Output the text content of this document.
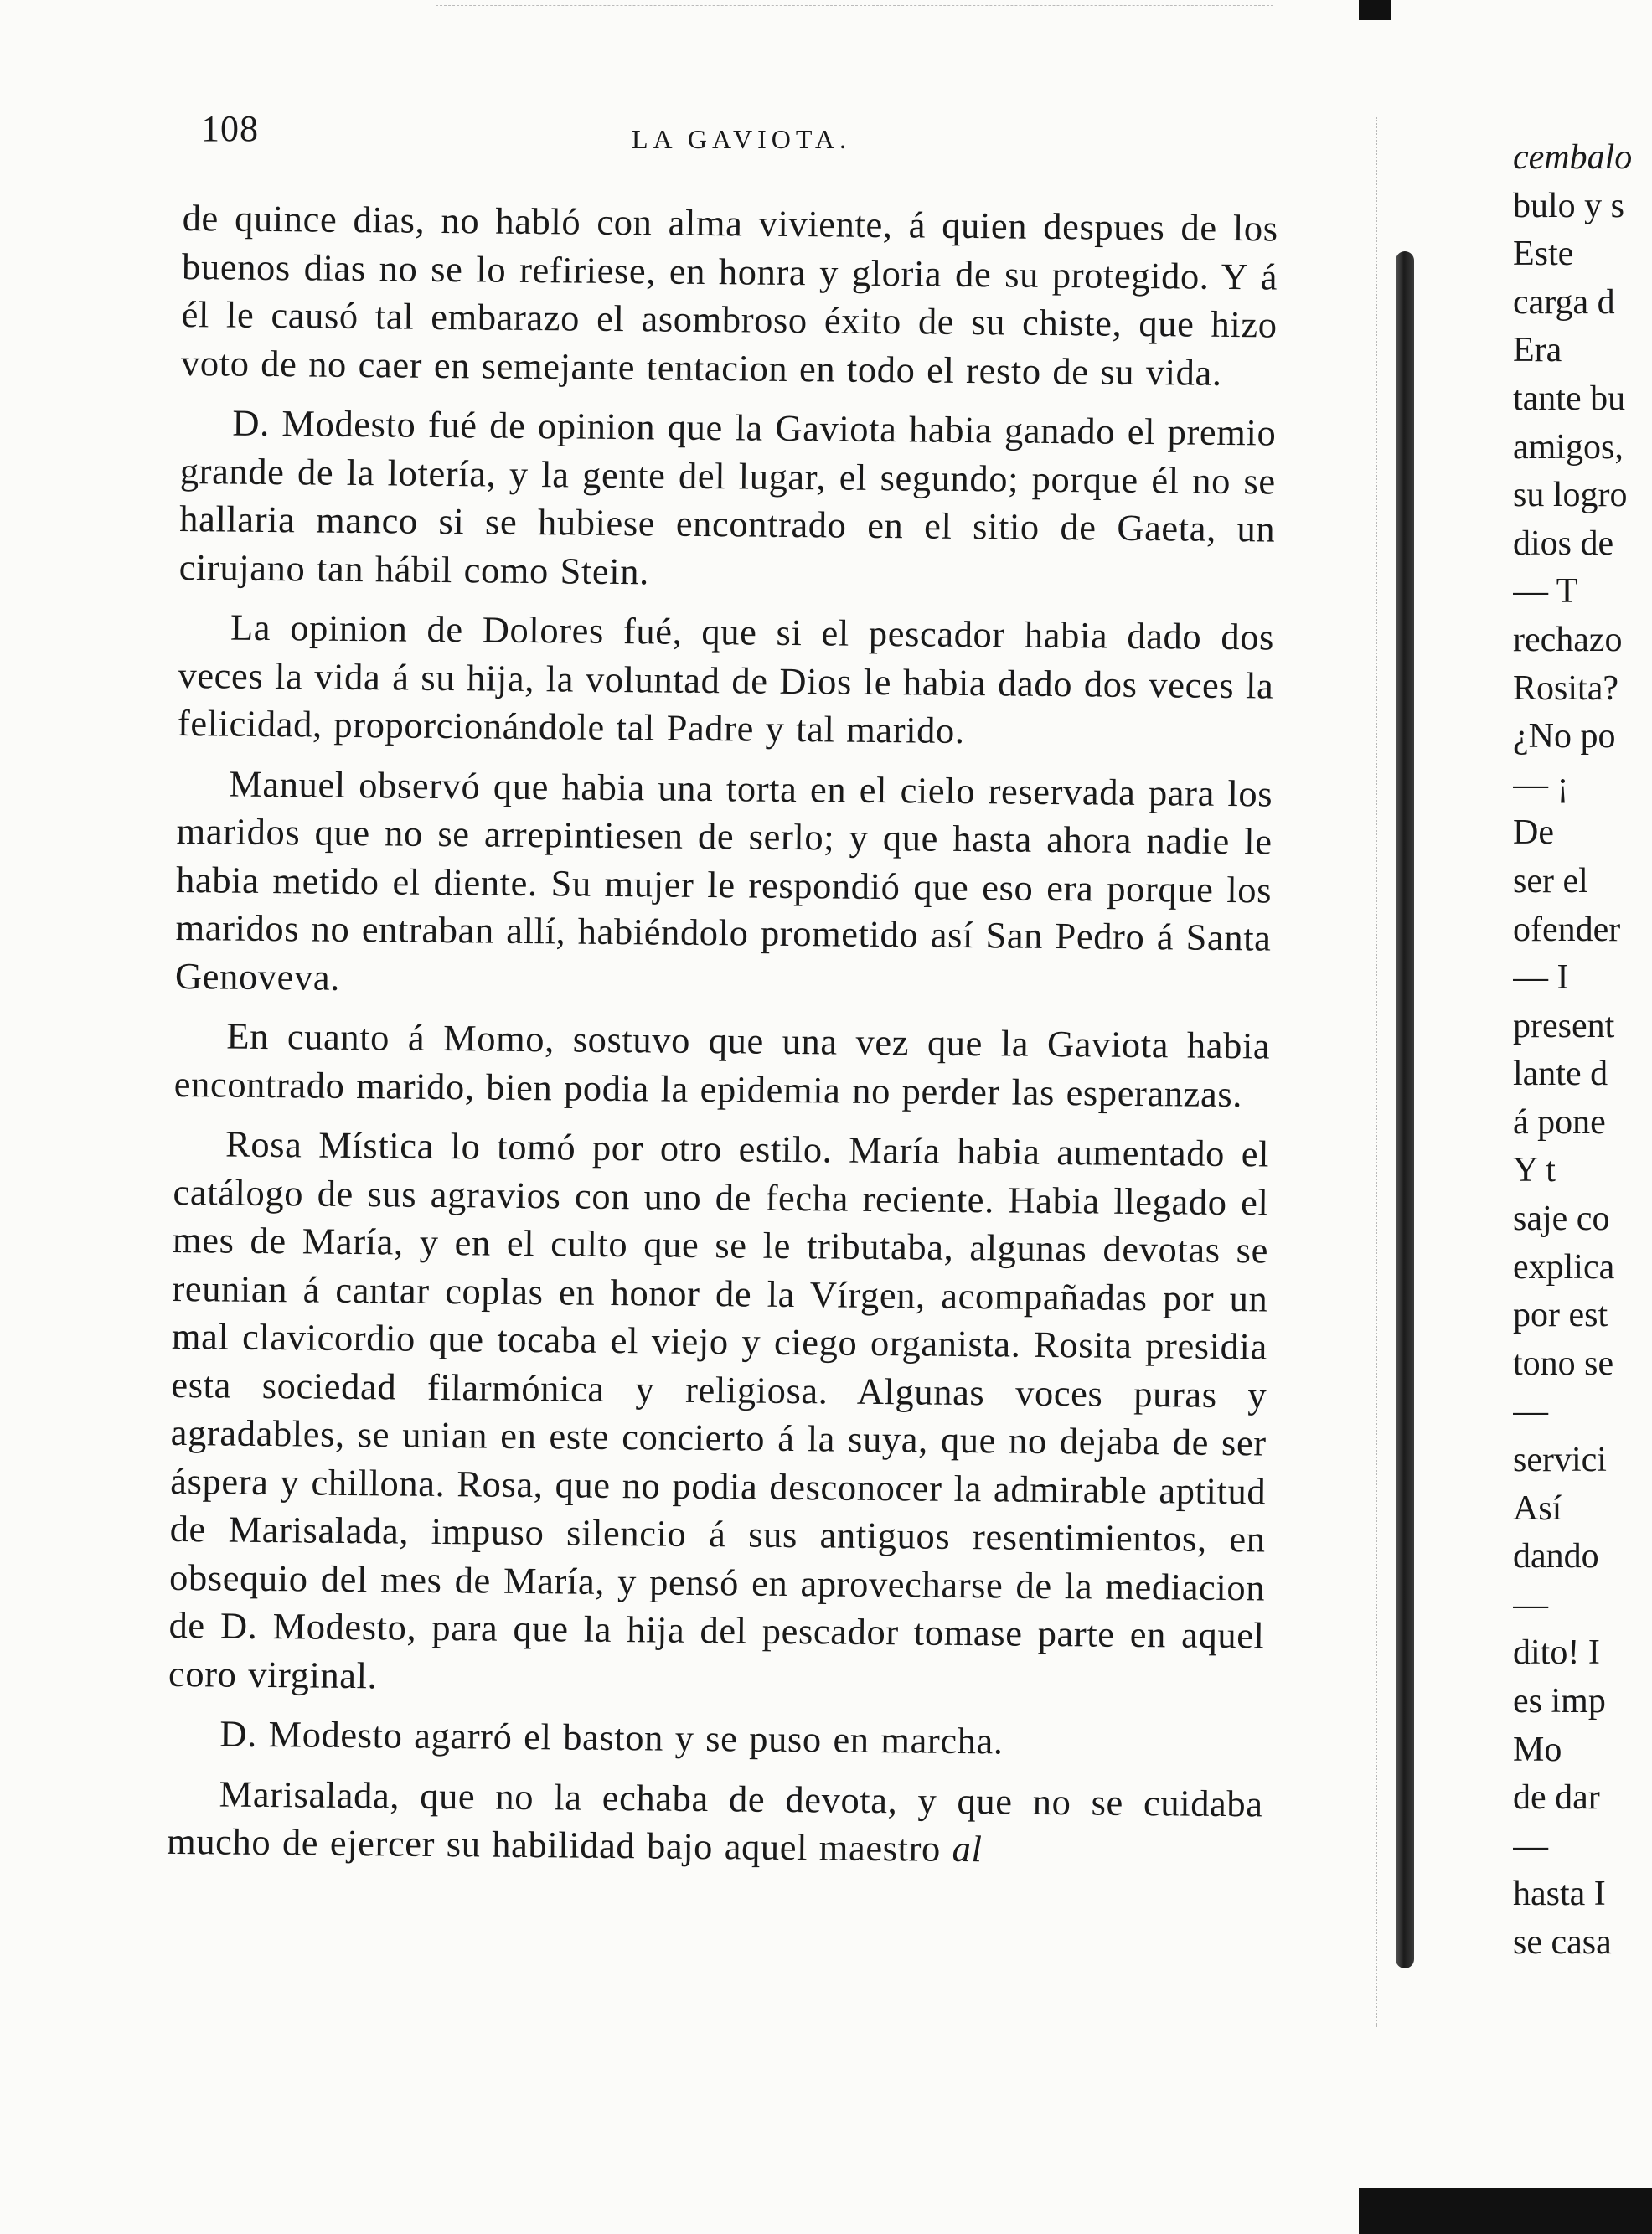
108	LA GAVIOTA.

de quince dias, no habló con alma viviente, á quien despues de los buenos dias no se lo refiriese, en honra y gloria de su protegido. Y á él le causó tal embarazo el asombroso éxito de su chiste, que hizo voto de no caer en semejante tentacion en todo el resto de su vida.

D. Modesto fué de opinion que la Gaviota habia ganado el premio grande de la lotería, y la gente del lugar, el segundo; porque él no se hallaria manco si se hubiese encontrado en el sitio de Gaeta, un cirujano tan hábil como Stein.

La opinion de Dolores fué, que si el pescador habia dado dos veces la vida á su hija, la voluntad de Dios le habia dado dos veces la felicidad, proporcionándole tal Padre y tal marido.

Manuel observó que habia una torta en el cielo reservada para los maridos que no se arrepintiesen de serlo; y que hasta ahora nadie le habia metido el diente. Su mujer le respondió que eso era porque los maridos no entraban allí, habiéndolo prometido así San Pedro á Santa Genoveva.

En cuanto á Momo, sostuvo que una vez que la Gaviota habia encontrado marido, bien podia la epidemia no perder las esperanzas.

Rosa Mística lo tomó por otro estilo. María habia aumentado el catálogo de sus agravios con uno de fecha reciente. Habia llegado el mes de María, y en el culto que se le tributaba, algunas devotas se reunian á cantar coplas en honor de la Vírgen, acompañadas por un mal clavicordio que tocaba el viejo y ciego organista. Rosita presidia esta sociedad filarmónica y religiosa. Algunas voces puras y agradables, se unian en este concierto á la suya, que no dejaba de ser áspera y chillona. Rosa, que no podia desconocer la admirable aptitud de Marisalada, impuso silencio á sus antiguos resentimientos, en obsequio del mes de María, y pensó en aprovecharse de la mediacion de D. Modesto, para que la hija del pescador tomase parte en aquel coro virginal.

D. Modesto agarró el baston y se puso en marcha.

Marisalada, que no la echaba de devota, y que no se cuidaba mucho de ejercer su habilidad bajo aquel maestro al

cembalo
bulo y s
Este
carga d
Era
tante bu
amigos,
su logro
dios de
— T
rechazo
Rosita?
¿No po
— ¡
De
ser el
ofender
— I
present
lante d
á pone
Y t
saje co
explica
por est
tono se
—
servici
Así
dando
—
dito! I
es imp
Mo
de dar
—
hasta I
se casa
